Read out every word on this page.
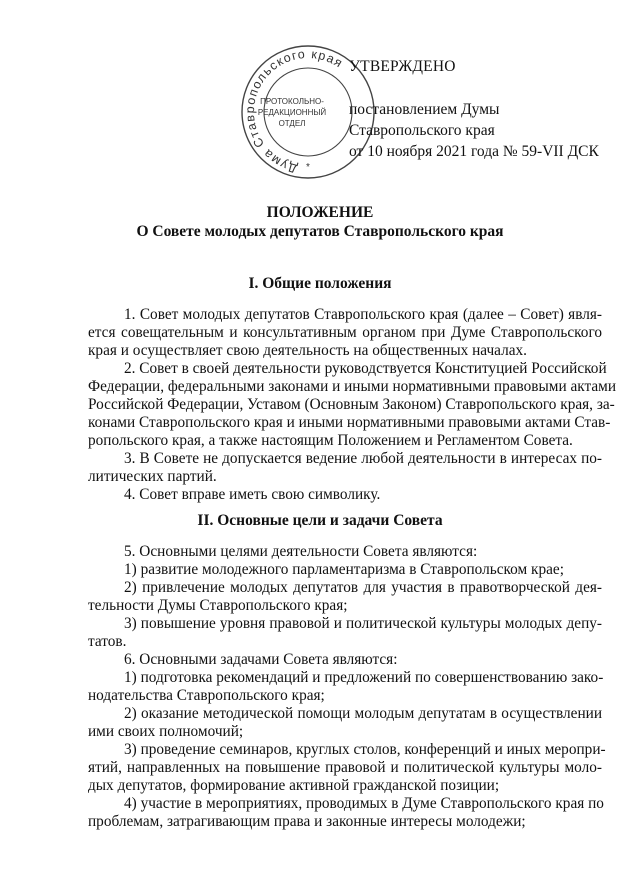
Дума Ставропольского края
ПРОТОКОЛЬНО-
РЕДАКЦИОННЫЙ
ОТДЕЛ
*
УТВЕРЖДЕНО
постановлением Думы
Ставропольского края
от 10 ноября 2021 года № 59-VII ДСК
ПОЛОЖЕНИЕ
О Совете молодых депутатов Ставропольского края
I. Общие положения
1. Совет молодых депутатов Ставропольского края (далее – Совет) явля-
ется совещательным и консультативным органом при Думе Ставропольского
края и осуществляет свою деятельность на общественных началах.
2. Совет в своей деятельности руководствуется Конституцией Российской
Федерации, федеральными законами и иными нормативными правовыми актами
Российской Федерации, Уставом (Основным Законом) Ставропольского края, за-
конами Ставропольского края и иными нормативными правовыми актами Став-
ропольского края, а также настоящим Положением и Регламентом Совета.
3. В Совете не допускается ведение любой деятельности в интересах по-
литических партий.
4. Совет вправе иметь свою символику.
II. Основные цели и задачи Совета
5. Основными целями деятельности Совета являются:
1) развитие молодежного парламентаризма в Ставропольском крае;
2) привлечение молодых депутатов для участия в правотворческой дея-
тельности Думы Ставропольского края;
3) повышение уровня правовой и политической культуры молодых депу-
татов.
6. Основными задачами Совета являются:
1) подготовка рекомендаций и предложений по совершенствованию зако-
нодательства Ставропольского края;
2) оказание методической помощи молодым депутатам в осуществлении
ими своих полномочий;
3) проведение семинаров, круглых столов, конференций и иных меропри-
ятий, направленных на повышение правовой и политической культуры моло-
дых депутатов, формирование активной гражданской позиции;
4) участие в мероприятиях, проводимых в Думе Ставропольского края по
проблемам, затрагивающим права и законные интересы молодежи;
